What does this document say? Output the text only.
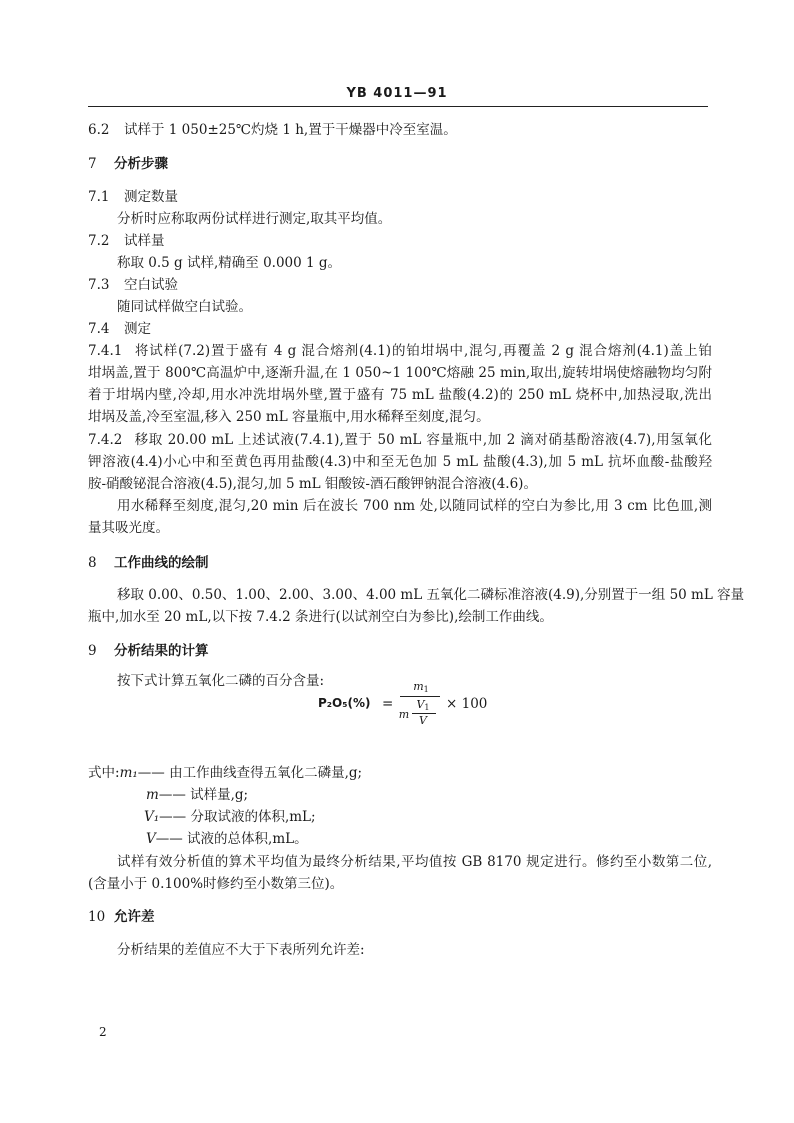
YB 4011—91
6.2 试样于 1 050±25℃灼烧 1 h,置于干燥器中冷至室温。
7 分析步骤
7.1 测定数量
分析时应称取两份试样进行测定,取其平均值。
7.2 试样量
称取 0.5 g 试样,精确至 0.000 1 g。
7.3 空白试验
随同试样做空白试验。
7.4 测定
7.4.1 将试样(7.2)置于盛有 4 g 混合熔剂(4.1)的铂坩埚中,混匀,再覆盖 2 g 混合熔剂(4.1)盖上铂
坩埚盖,置于 800℃高温炉中,逐渐升温,在 1 050~1 100℃熔融 25 min,取出,旋转坩埚使熔融物均匀附
着于坩埚内壁,冷却,用水冲洗坩埚外壁,置于盛有 75 mL 盐酸(4.2)的 250 mL 烧杯中,加热浸取,洗出
坩埚及盖,冷至室温,移入 250 mL 容量瓶中,用水稀释至刻度,混匀。
7.4.2 移取 20.00 mL 上述试液(7.4.1),置于 50 mL 容量瓶中,加 2 滴对硝基酚溶液(4.7),用氢氧化
钾溶液(4.4)小心中和至黄色再用盐酸(4.3)中和至无色加 5 mL 盐酸(4.3),加 5 mL 抗坏血酸-盐酸羟
胺-硝酸铋混合溶液(4.5),混匀,加 5 mL 钼酸铵-酒石酸钾钠混合溶液(4.6)。
用水稀释至刻度,混匀,20 min 后在波长 700 nm 处,以随同试样的空白为参比,用 3 cm 比色皿,测
量其吸光度。
8 工作曲线的绘制
移取 0.00、0.50、1.00、2.00、3.00、4.00 mL 五氧化二磷标准溶液(4.9),分别置于一组 50 mL 容量
瓶中,加水至 20 mL,以下按 7.4.2 条进行(以试剂空白为参比),绘制工作曲线。
9 分析结果的计算
按下式计算五氧化二磷的百分含量:
P₂O₅(%) =
$m_1$
m
$V_1$
V
× 100
式中:m₁—— 由工作曲线查得五氧化二磷量,g;
m—— 试样量,g;
V₁—— 分取试液的体积,mL;
V—— 试液的总体积,mL。
试样有效分析值的算术平均值为最终分析结果,平均值按 GB 8170 规定进行。修约至小数第二位,
(含量小于 0.100%时修约至小数第三位)。
10 允许差
分析结果的差值应不大于下表所列允许差:
2
